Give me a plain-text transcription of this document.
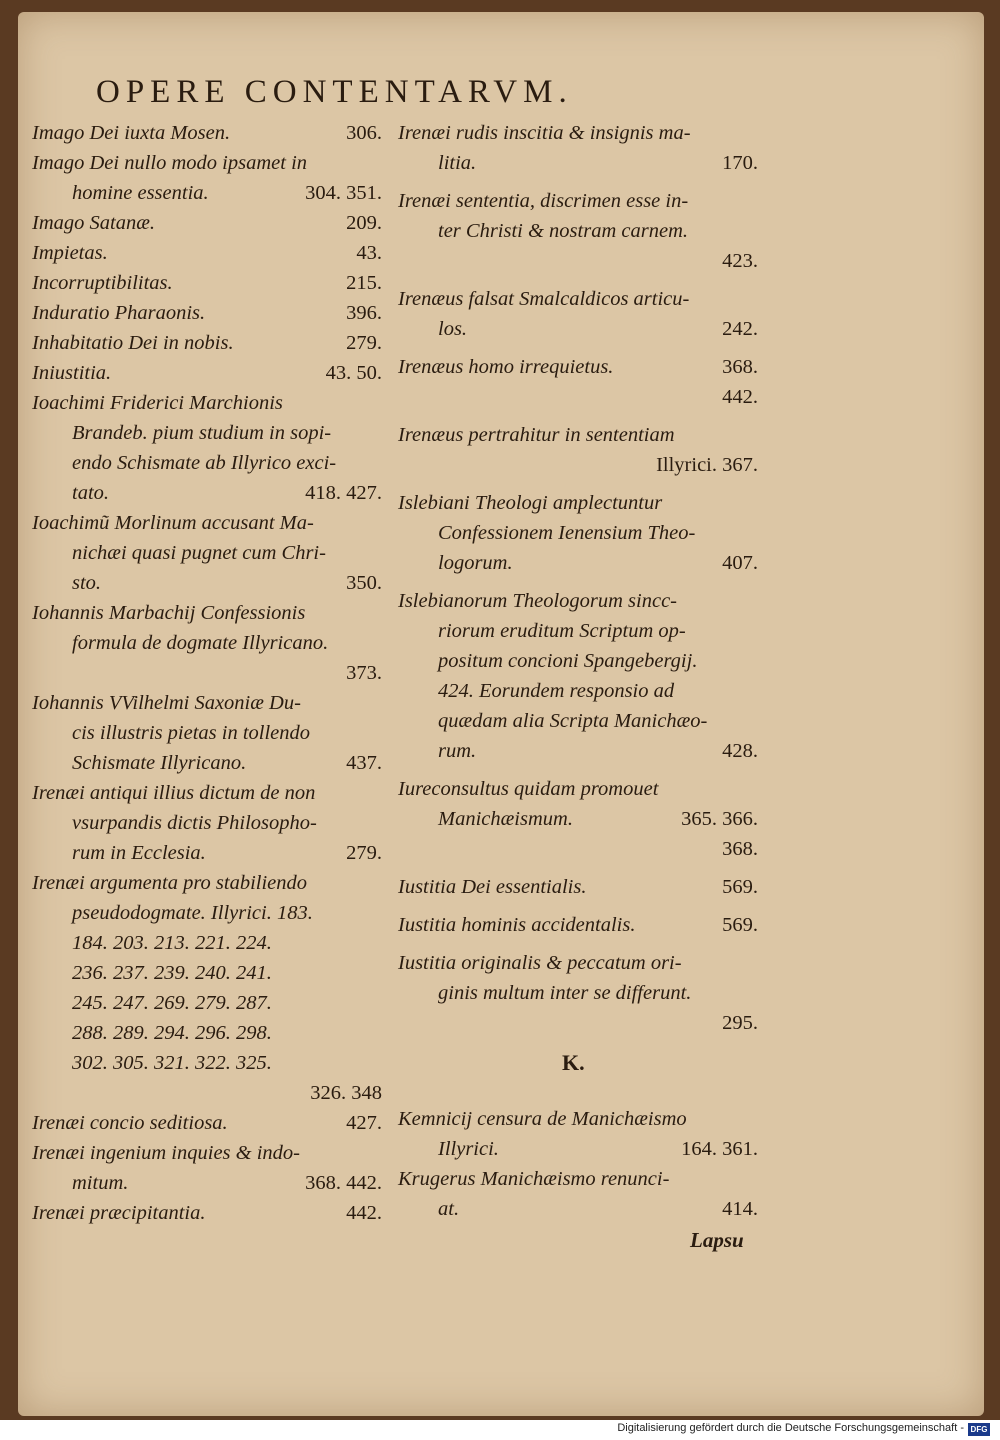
OPERE CONTENTARVM.
Imago Dei iuxta Mosen.	306.
Imago Dei nullo modo ipsamet in
homine essentia.	304. 351.
Imago Satanæ.	209.
Impietas.	43.
Incorruptibilitas.	215.
Induratio Pharaonis.	396.
Inhabitatio Dei in nobis.	279.
Iniustitia.	43. 50.
Ioachimi Friderici Marchionis
Brandeb. pium studium in sopi-
endo Schismate ab Illyrico exci-
tato.	418. 427.
Ioachimũ Morlinum accusant Ma-
nichæi quasi pugnet cum Chri-
sto.	350.
Iohannis Marbachij Confessionis
formula de dogmate Illyricano.
373.
Iohannis VVilhelmi Saxoniæ Du-
cis illustris pietas in tollendo
Schismate Illyricano.	437.
Irenæi antiqui illius dictum de non
vsurpandis dictis Philosopho-
rum in Ecclesia.	279.
Irenæi argumenta pro stabiliendo
pseudodogmate. Illyrici. 183.
184. 203. 213. 221. 224.
236. 237. 239. 240. 241.
245. 247. 269. 279. 287.
288. 289. 294. 296. 298.
302. 305. 321. 322. 325.
326. 348
Irenæi concio seditiosa.	427.
Irenæi ingenium inquies & indo-
mitum.	368. 442.
Irenæi præcipitantia.	442.
Irenæi rudis inscitia & insignis ma-
litia.	170.
Irenæi sententia, discrimen esse in-
ter Christi & nostram carnem.
423.
Irenæus falsat Smalcaldicos articu-
los.	242.
Irenæus homo irrequietus.	368.
442.
Irenæus pertrahitur in sententiam
Illyrici. 367.
Islebiani Theologi amplectuntur
Confessionem Ienensium Theo-
logorum.	407.
Islebianorum Theologorum sincc-
riorum eruditum Scriptum op-
positum concioni Spangebergij.
424. Eorundem responsio ad
quædam alia Scripta Manichæo-
rum.	428.
Iureconsultus quidam promouet
Manichæismum.	365. 366.
368.
Iustitia Dei essentialis.	569.
Iustitia hominis accidentalis.	569.
Iustitia originalis & peccatum ori-
ginis multum inter se differunt.
295.
K.
Kemnicij censura de Manichæismo
Illyrici.	164. 361.
Krugerus Manichæismo renunci-
at.	414.
Lapsu
Digitalisierung gefördert durch die Deutsche Forschungsgemeinschaft - DFG
